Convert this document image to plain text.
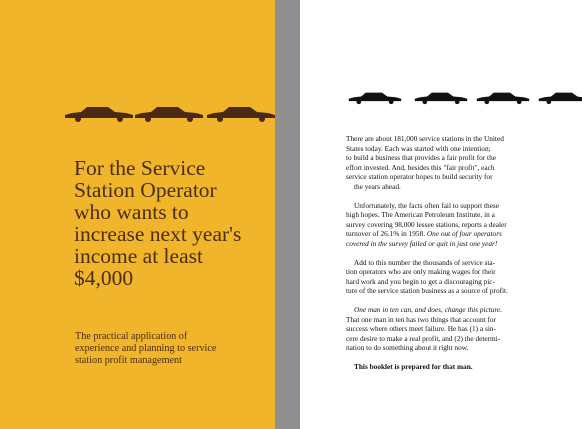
For the Service
Station Operator
who wants to
increase next year's
income at least
$4,000
The practical application of
experience and planning to service
station profit management

There are about 181,000 service stations in the United
States today. Each was started with one intention;
to build a business that provides a fair profit for the
effort invested. And, besides this "fair profit", each
service station operator hopes to build security for
the years ahead.

Unfortunately, the facts often fail to support these
high hopes. The American Petroleum Institute, in a
survey covering 98,000 lessee stations, reports a dealer
turnover of 26.1% in 1958. One out of four operators
covered in the survey failed or quit in just one year!

Add to this number the thousands of service sta-
tion operators who are only making wages for their
hard work and you begin to get a discouraging pic-
ture of the service station business as a source of profit.

One man in ten can, and does, change this picture.
That one man in ten has two things that account for
success where others meet failure. He has (1) a sin-
cere desire to make a real profit, and (2) the determi-
nation to do something about it right now.

This booklet is prepared for that man.
